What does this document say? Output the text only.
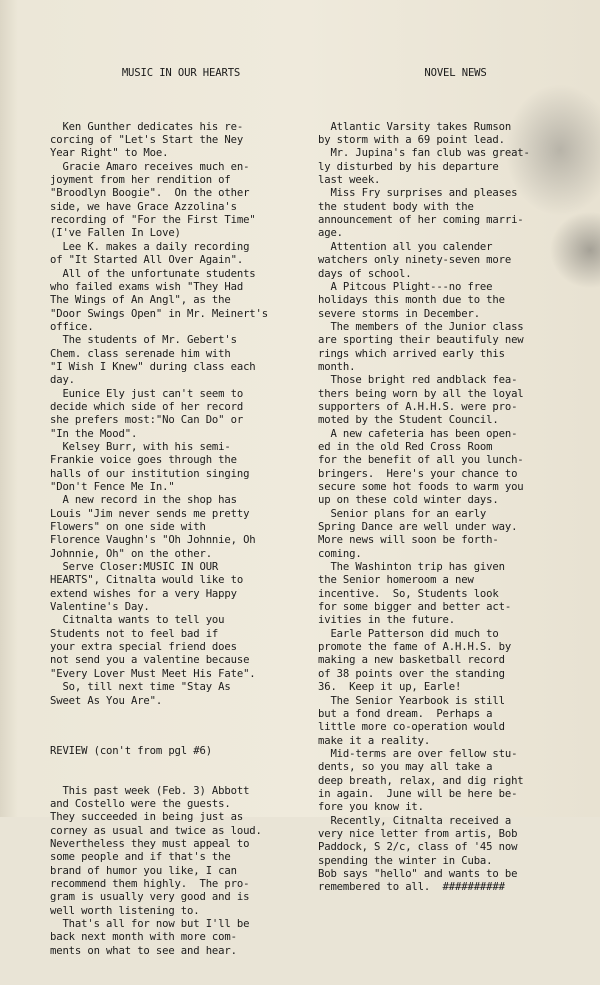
MUSIC IN OUR HEARTS

Ken Gunther dedicates his re-
corcing of "Let's Start the Ney
Year Right" to Moe.
Gracie Amaro receives much en-
joyment from her rendition of
"Broodlyn Boogie".  On the other
side, we have Grace Azzolina's
recording of "For the First Time"
(I've Fallen In Love)
Lee K. makes a daily recording
of "It Started All Over Again".
All of the unfortunate students
who failed exams wish "They Had
The Wings of An Angl", as the
"Door Swings Open" in Mr. Meinert's
office.
The students of Mr. Gebert's
Chem. class serenade him with
"I Wish I Knew" during class each
day.
Eunice Ely just can't seem to
decide which side of her record
she prefers most:"No Can Do" or
"In the Mood".
Kelsey Burr, with his semi-
Frankie voice goes through the
halls of our institution singing
"Don't Fence Me In."
A new record in the shop has
Louis "Jim never sends me pretty
Flowers" on one side with
Florence Vaughn's "Oh Johnnie, Oh
Johnnie, Oh" on the other.
Serve Closer:MUSIC IN OUR
HEARTS", Citnalta would like to
extend wishes for a very Happy
Valentine's Day.
Citnalta wants to tell you
Students not to feel bad if
your extra special friend does
not send you a valentine because
"Every Lover Must Meet His Fate".
So, till next time "Stay As
Sweet As You Are".

REVIEW (con't from pgl #6)

This past week (Feb. 3) Abbott
and Costello were the guests.
They succeeded in being just as
corney as usual and twice as loud.
Nevertheless they must appeal to
some people and if that's the
brand of humor you like, I can
recommend them highly.  The pro-
gram is usually very good and is
well worth listening to.
That's all for now but I'll be
back next month with more com-
ments on what to see and hear.

NOVEL NEWS

Atlantic Varsity takes Rumson
by storm with a 69 point lead.
Mr. Jupina's fan club was great-
ly disturbed by his departure
last week.
Miss Fry surprises and pleases
the student body with the
announcement of her coming marri-
age.
Attention all you calender
watchers only ninety-seven more
days of school.
A Pitcous Plight---no free
holidays this month due to the
severe storms in December.
The members of the Junior class
are sporting their beautifuly new
rings which arrived early this
month.
Those bright red andblack fea-
thers being worn by all the loyal
supporters of A.H.H.S. were pro-
moted by the Student Council.
A new cafeteria has been open-
ed in the old Red Cross Room
for the benefit of all you lunch-
bringers.  Here's your chance to
secure some hot foods to warm you
up on these cold winter days.
Senior plans for an early
Spring Dance are well under way.
More news will soon be forth-
coming.
The Washinton trip has given
the Senior homeroom a new
incentive.  So, Students look
for some bigger and better act-
ivities in the future.
Earle Patterson did much to
promote the fame of A.H.H.S. by
making a new basketball record
of 38 points over the standing
36.  Keep it up, Earle!
The Senior Yearbook is still
but a fond dream.  Perhaps a
little more co-operation would
make it a reality.
Mid-terms are over fellow stu-
dents, so you may all take a
deep breath, relax, and dig right
in again.  June will be here be-
fore you know it.
Recently, Citnalta received a
very nice letter from artis, Bob
Paddock, S 2/c, class of '45 now
spending the winter in Cuba.
Bob says "hello" and wants to be
remembered to all.  ##########
